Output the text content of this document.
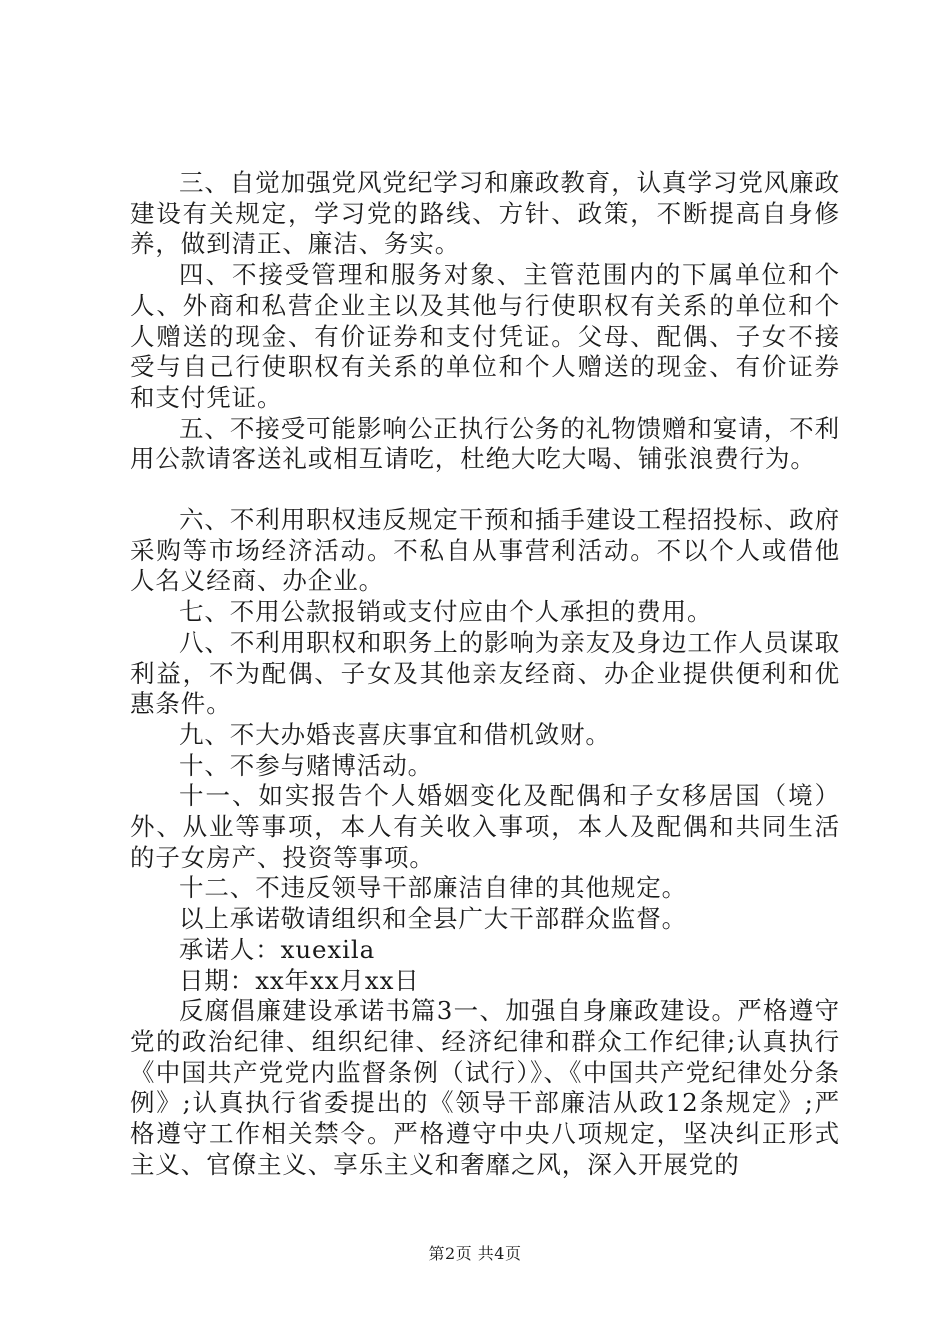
三、自觉加强党风党纪学习和廉政教育，认真学习党风廉政建设有关规定，学习党的路线、方针、政策，不断提高自身修养，做到清正、廉洁、务实。

四、不接受管理和服务对象、主管范围内的下属单位和个人、外商和私营企业主以及其他与行使职权有关系的单位和个人赠送的现金、有价证券和支付凭证。父母、配偶、子女不接受与自己行使职权有关系的单位和个人赠送的现金、有价证券和支付凭证。

五、不接受可能影响公正执行公务的礼物馈赠和宴请，不利用公款请客送礼或相互请吃，杜绝大吃大喝、铺张浪费行为。

六、不利用职权违反规定干预和插手建设工程招投标、政府采购等市场经济活动。不私自从事营利活动。不以个人或借他人名义经商、办企业。

七、不用公款报销或支付应由个人承担的费用。

八、不利用职权和职务上的影响为亲友及身边工作人员谋取利益，不为配偶、子女及其他亲友经商、办企业提供便利和优惠条件。

九、不大办婚丧喜庆事宜和借机敛财。

十、不参与赌博活动。

十一、如实报告个人婚姻变化及配偶和子女移居国（境）外、从业等事项，本人有关收入事项，本人及配偶和共同生活的子女房产、投资等事项。

十二、不违反领导干部廉洁自律的其他规定。

以上承诺敬请组织和全县广大干部群众监督。

承诺人：xuexila

日期：xx年xx月xx日

反腐倡廉建设承诺书篇3一、加强自身廉政建设。严格遵守党的政治纪律、组织纪律、经济纪律和群众工作纪律;认真执行《中国共产党党内监督条例（试行）》、《中国共产党纪律处分条例》;认真执行省委提出的《领导干部廉洁从政12条规定》;严格遵守工作相关禁令。严格遵守中央八项规定，坚决纠正形式主义、官僚主义、享乐主义和奢靡之风，深入开展党的

第2页 共4页
